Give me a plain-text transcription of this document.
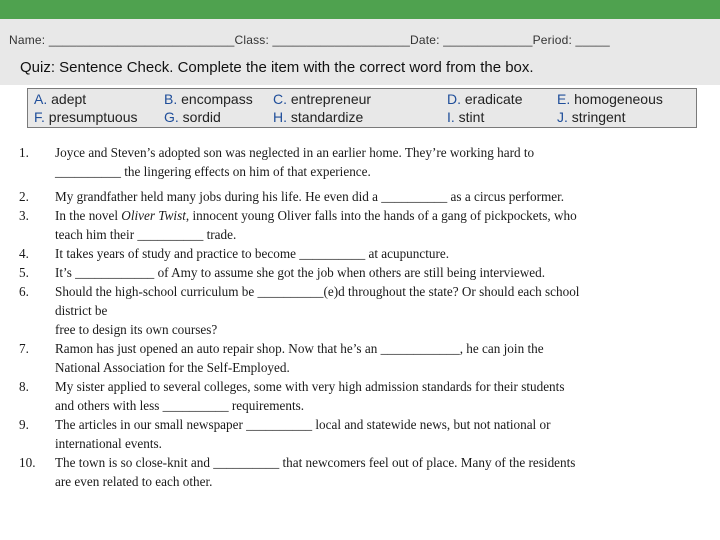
Name: ___________________________Class: ____________________Date: _____________Period: _____
Quiz: Sentence Check. Complete the item with the correct word from the box.
A. adept	B. encompass C. entrepreneur	D. eradicate E. homogeneous
F. presumptuous G. sordid	H. standardize	I. stint	J. stringent
1.	Joyce and Steven’s adopted son was neglected in an earlier home. They’re working hard to
__________ the lingering effects on him of that experience.
2.	My grandfather held many jobs during his life. He even did a __________ as a circus performer.
3.	In the novel Oliver Twist, innocent young Oliver falls into the hands of a gang of pickpockets, who
teach him their __________ trade.
4.	It takes years of study and practice to become __________ at acupuncture.
5.	It’s ____________ of Amy to assume she got the job when others are still being interviewed.
6.	Should the high-school curriculum be __________(e)d throughout the state? Or should each school
district be
free to design its own courses?
7.	Ramon has just opened an auto repair shop. Now that he’s an ____________, he can join the
National Association for the Self-Employed.
8.	My sister applied to several colleges, some with very high admission standards for their students
and others with less __________ requirements.
9.	The articles in our small newspaper __________ local and statewide news, but not national or
international events.
10.	The town is so close-knit and __________ that newcomers feel out of place. Many of the residents
are even related to each other.
